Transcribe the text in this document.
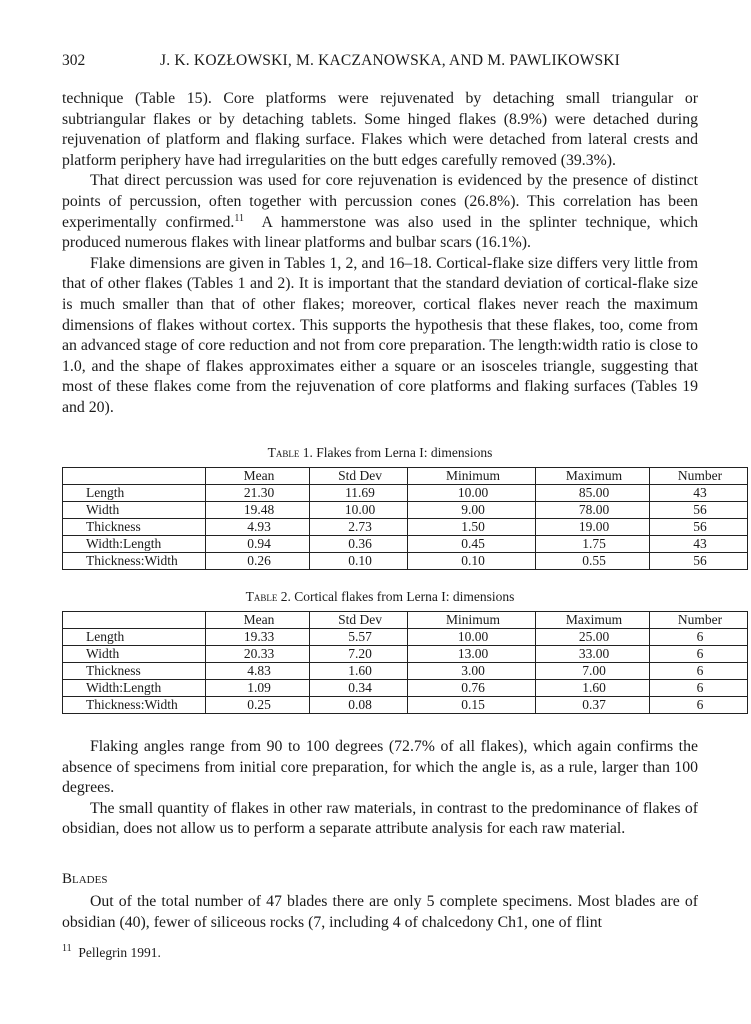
302	J. K. KOZŁOWSKI, M. KACZANOWSKA, AND M. PAWLIKOWSKI

technique (Table 15). Core platforms were rejuvenated by detaching small triangular or subtriangular flakes or by detaching tablets. Some hinged flakes (8.9%) were detached during rejuvenation of platform and flaking surface. Flakes which were detached from lateral crests and platform periphery have had irregularities on the butt edges carefully removed (39.3%).

That direct percussion was used for core rejuvenation is evidenced by the presence of distinct points of percussion, often together with percussion cones (26.8%). This correlation has been experimentally confirmed.$^{11}$ A hammerstone was also used in the splinter technique, which produced numerous flakes with linear platforms and bulbar scars (16.1%).

Flake dimensions are given in Tables 1, 2, and 16–18. Cortical-flake size differs very little from that of other flakes (Tables 1 and 2). It is important that the standard deviation of cortical-flake size is much smaller than that of other flakes; moreover, cortical flakes never reach the maximum dimensions of flakes without cortex. This supports the hypothesis that these flakes, too, come from an advanced stage of core reduction and not from core preparation. The length:width ratio is close to 1.0, and the shape of flakes approximates either a square or an isosceles triangle, suggesting that most of these flakes come from the rejuvenation of core platforms and flaking surfaces (Tables 19 and 20).

Table 1. Flakes from Lerna I: dimensions
	Mean	Std Dev	Minimum	Maximum	Number
Length	21.30	11.69	10.00	85.00	43
Width	19.48	10.00	9.00	78.00	56
Thickness	4.93	2.73	1.50	19.00	56
Width:Length	0.94	0.36	0.45	1.75	43
Thickness:Width	0.26	0.10	0.10	0.55	56
Table 2. Cortical flakes from Lerna I: dimensions
	Mean	Std Dev	Minimum	Maximum	Number
Length	19.33	5.57	10.00	25.00	6
Width	20.33	7.20	13.00	33.00	6
Thickness	4.83	1.60	3.00	7.00	6
Width:Length	1.09	0.34	0.76	1.60	6
Thickness:Width	0.25	0.08	0.15	0.37	6

Flaking angles range from 90 to 100 degrees (72.7% of all flakes), which again confirms the absence of specimens from initial core preparation, for which the angle is, as a rule, larger than 100 degrees.

The small quantity of flakes in other raw materials, in contrast to the predominance of flakes of obsidian, does not allow us to perform a separate attribute analysis for each raw material.

Blades

Out of the total number of 47 blades there are only 5 complete specimens. Most blades are of obsidian (40), fewer of siliceous rocks (7, including 4 of chalcedony Ch1, one of flint

$^{11}$ Pellegrin 1991.
